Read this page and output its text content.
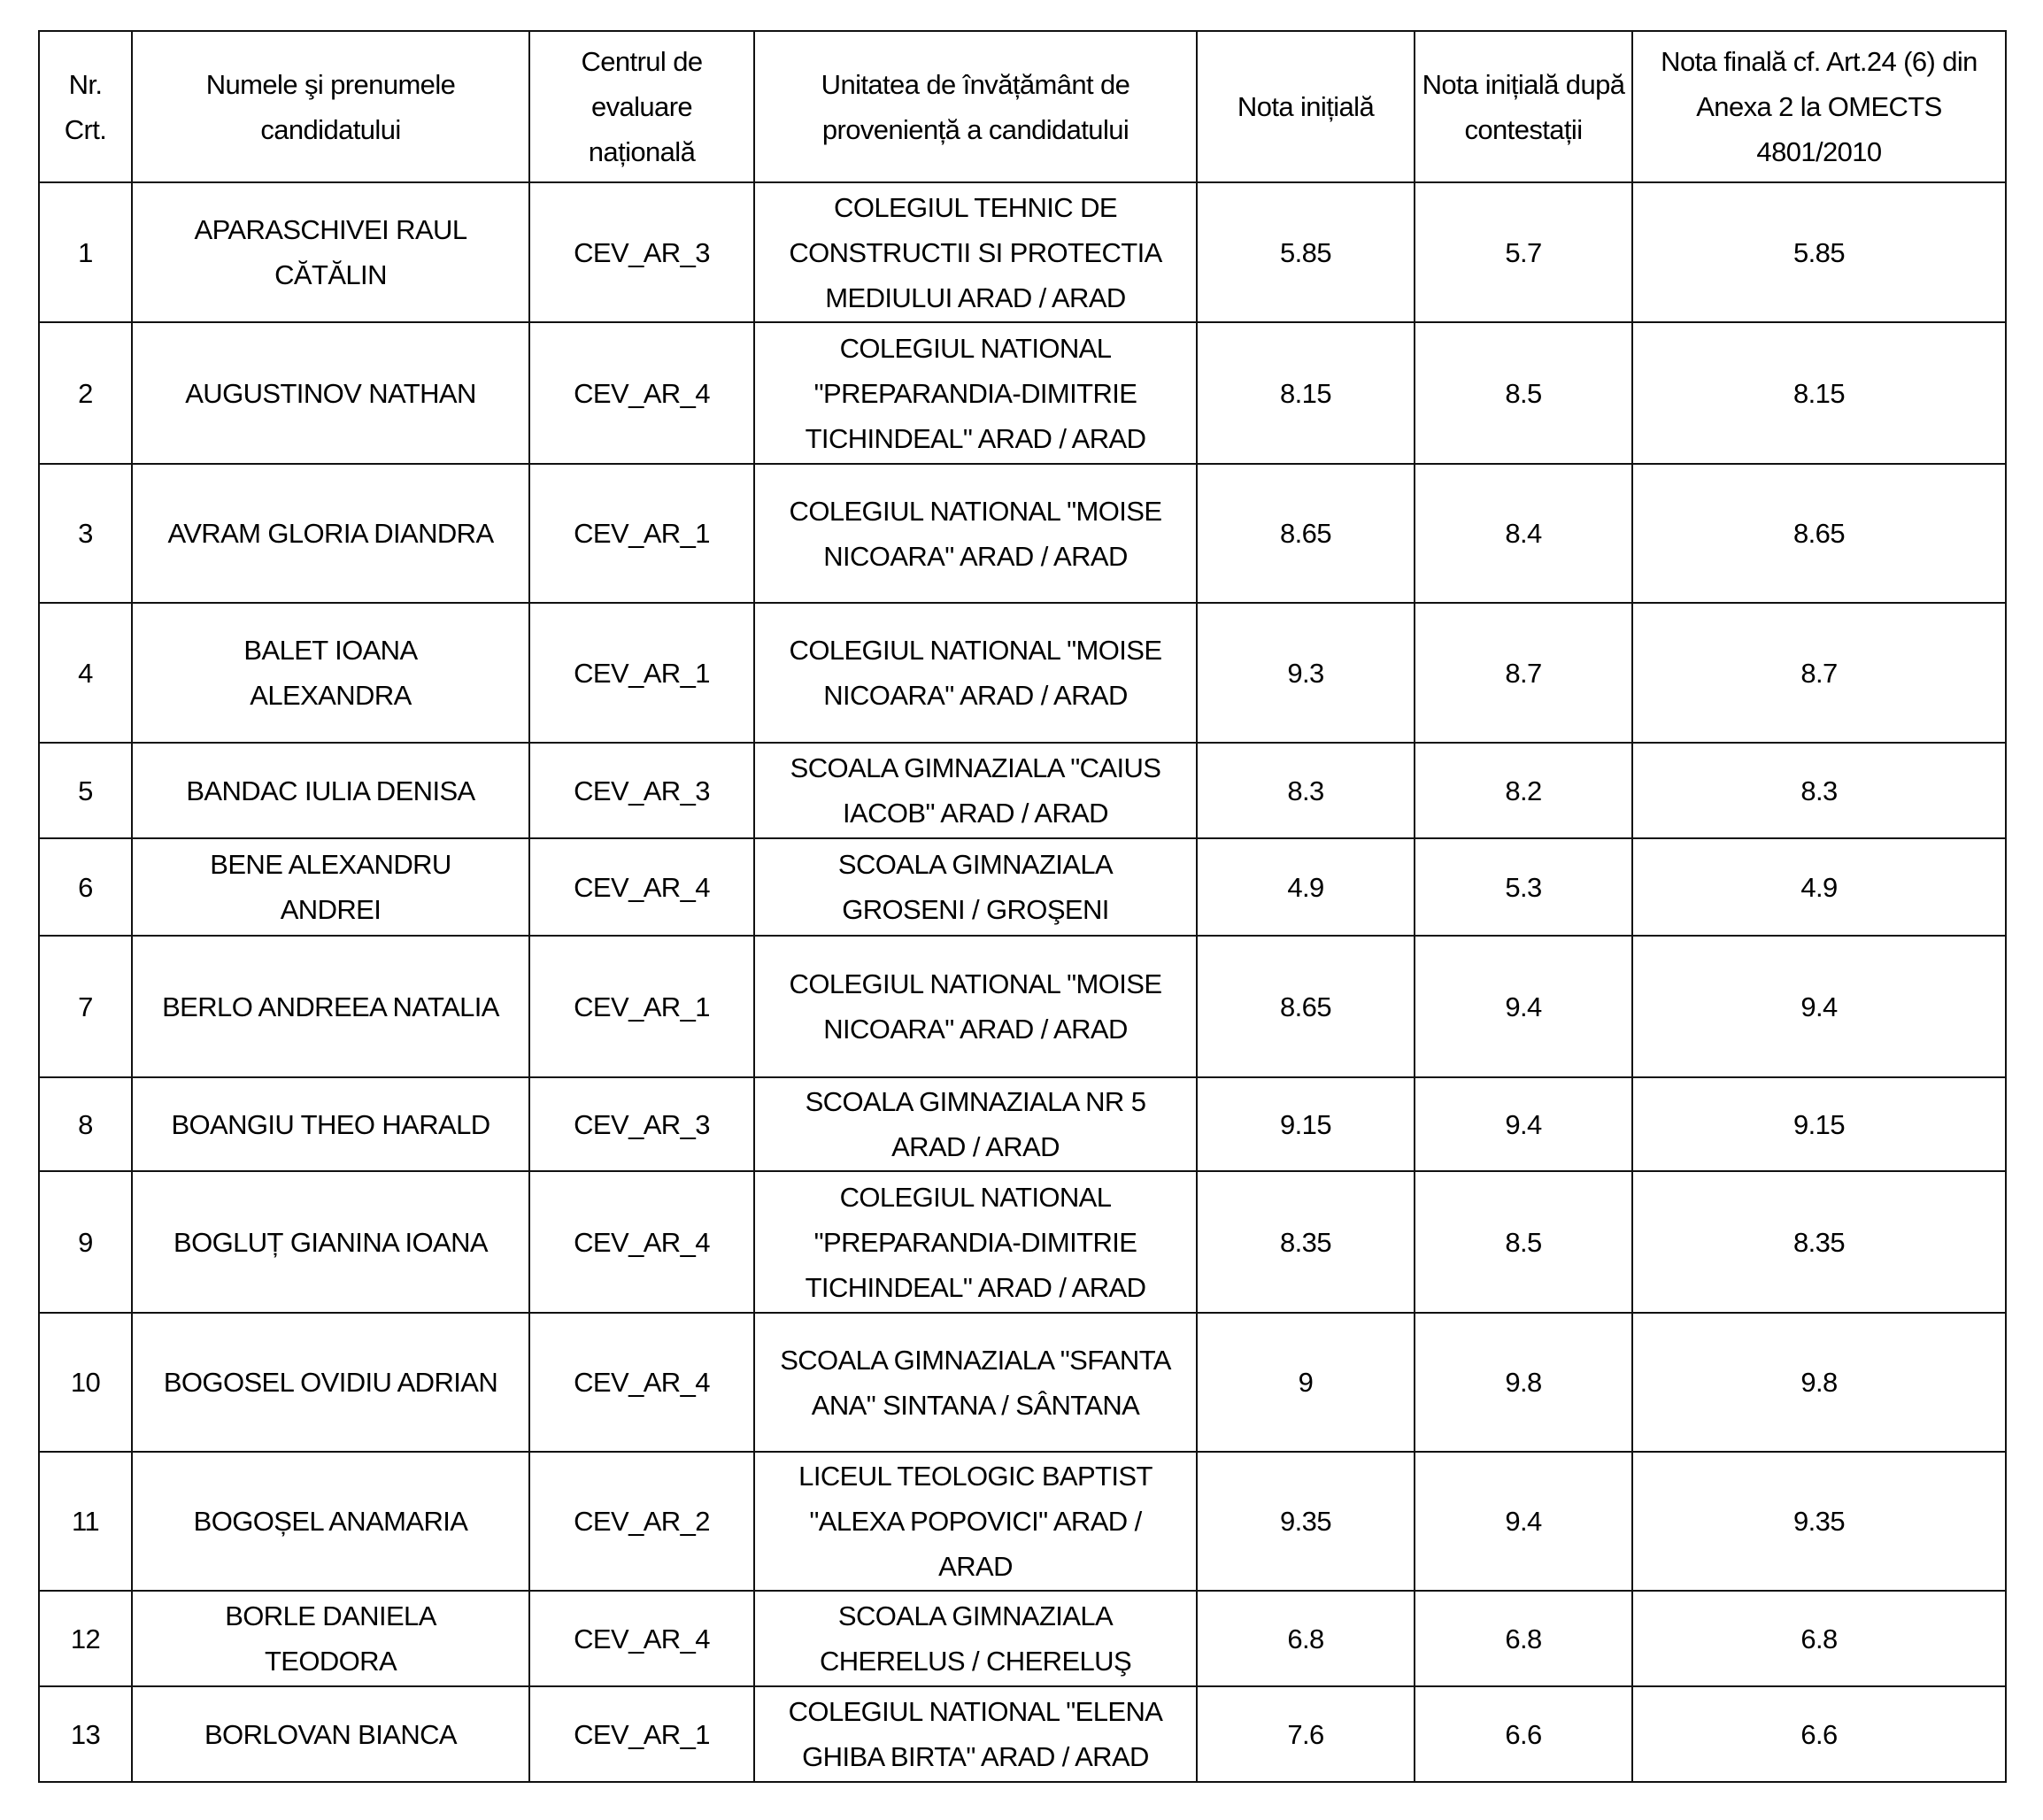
Nr. Crt.	Numele şi prenumele candidatului	Centrul de evaluare națională	Unitatea de învățământ de proveniență a candidatului	Nota inițială	Nota inițială după contestații	Nota finală cf. Art.24 (6) din Anexa 2 la OMECTS 4801/2010
1	APARASCHIVEI RAUL CĂTĂLIN	CEV_AR_3	COLEGIUL TEHNIC DE CONSTRUCTII SI PROTECTIA MEDIULUI ARAD / ARAD	5.85	5.7	5.85
2	AUGUSTINOV NATHAN	CEV_AR_4	COLEGIUL NATIONAL "PREPARANDIA-DIMITRIE TICHINDEAL" ARAD / ARAD	8.15	8.5	8.15
3	AVRAM GLORIA DIANDRA	CEV_AR_1	COLEGIUL NATIONAL "MOISE NICOARA" ARAD / ARAD	8.65	8.4	8.65
4	BALET IOANA ALEXANDRA	CEV_AR_1	COLEGIUL NATIONAL "MOISE NICOARA" ARAD / ARAD	9.3	8.7	8.7
5	BANDAC IULIA DENISA	CEV_AR_3	SCOALA GIMNAZIALA "CAIUS IACOB" ARAD / ARAD	8.3	8.2	8.3
6	BENE ALEXANDRU ANDREI	CEV_AR_4	SCOALA GIMNAZIALA GROSENI / GROŞENI	4.9	5.3	4.9
7	BERLO ANDREEA NATALIA	CEV_AR_1	COLEGIUL NATIONAL "MOISE NICOARA" ARAD / ARAD	8.65	9.4	9.4
8	BOANGIU THEO HARALD	CEV_AR_3	SCOALA GIMNAZIALA NR 5 ARAD / ARAD	9.15	9.4	9.15
9	BOGLUȚ GIANINA IOANA	CEV_AR_4	COLEGIUL NATIONAL "PREPARANDIA-DIMITRIE TICHINDEAL" ARAD / ARAD	8.35	8.5	8.35
10	BOGOSEL OVIDIU ADRIAN	CEV_AR_4	SCOALA GIMNAZIALA "SFANTA ANA" SINTANA / SÂNTANA	9	9.8	9.8
11	BOGOȘEL ANAMARIA	CEV_AR_2	LICEUL TEOLOGIC BAPTIST "ALEXA POPOVICI" ARAD / ARAD	9.35	9.4	9.35
12	BORLE DANIELA TEODORA	CEV_AR_4	SCOALA GIMNAZIALA CHERELUS / CHERELUŞ	6.8	6.8	6.8
13	BORLOVAN BIANCA	CEV_AR_1	COLEGIUL NATIONAL "ELENA GHIBA BIRTA" ARAD / ARAD	7.6	6.6	6.6
